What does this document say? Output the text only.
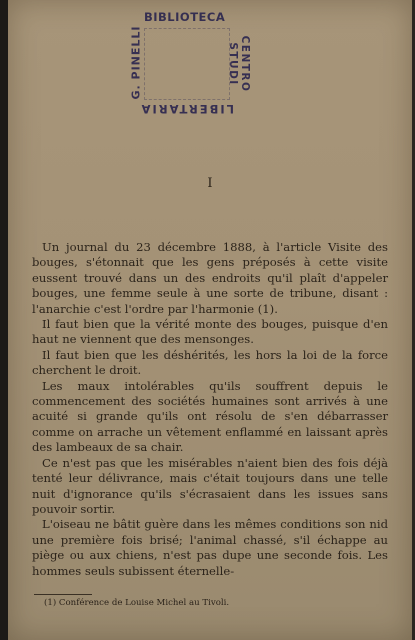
BIBLIOTECA
G. PINELLI	CENTRO STUDI
LIBERTARIA
I

Un journal du 23 décembre 1888, à l'article Visite des bouges, s'étonnait que les gens préposés à cette visite eussent trouvé dans un des endroits qu'il plaît d'appeler bouges, une femme seule à une sorte de tribune, disant : l'anarchie c'est l'ordre par l'harmonie (1).

Il faut bien que la vérité monte des bouges, puisque d'en haut ne viennent que des mensonges.

Il faut bien que les déshérités, les hors la loi de la force cherchent le droit.

Les maux intolérables qu'ils souffrent depuis le commencement des sociétés humaines sont arrivés à une acuité si grande qu'ils ont résolu de s'en débarrasser comme on arrache un vêtement enflammé en laissant après des lambeaux de sa chair.

Ce n'est pas que les misérables n'aient bien des fois déjà tenté leur délivrance, mais c'était toujours dans une telle nuit d'ignorance qu'ils s'écrasaient dans les issues sans pouvoir sortir.

L'oiseau ne bâtit guère dans les mêmes conditions son nid une première fois brisé; l'animal chassé, s'il échappe au piège ou aux chiens, n'est pas dupe une seconde fois. Les hommes seuls subissent éternelle-

(1) Conférence de Louise Michel au Tivoli.
